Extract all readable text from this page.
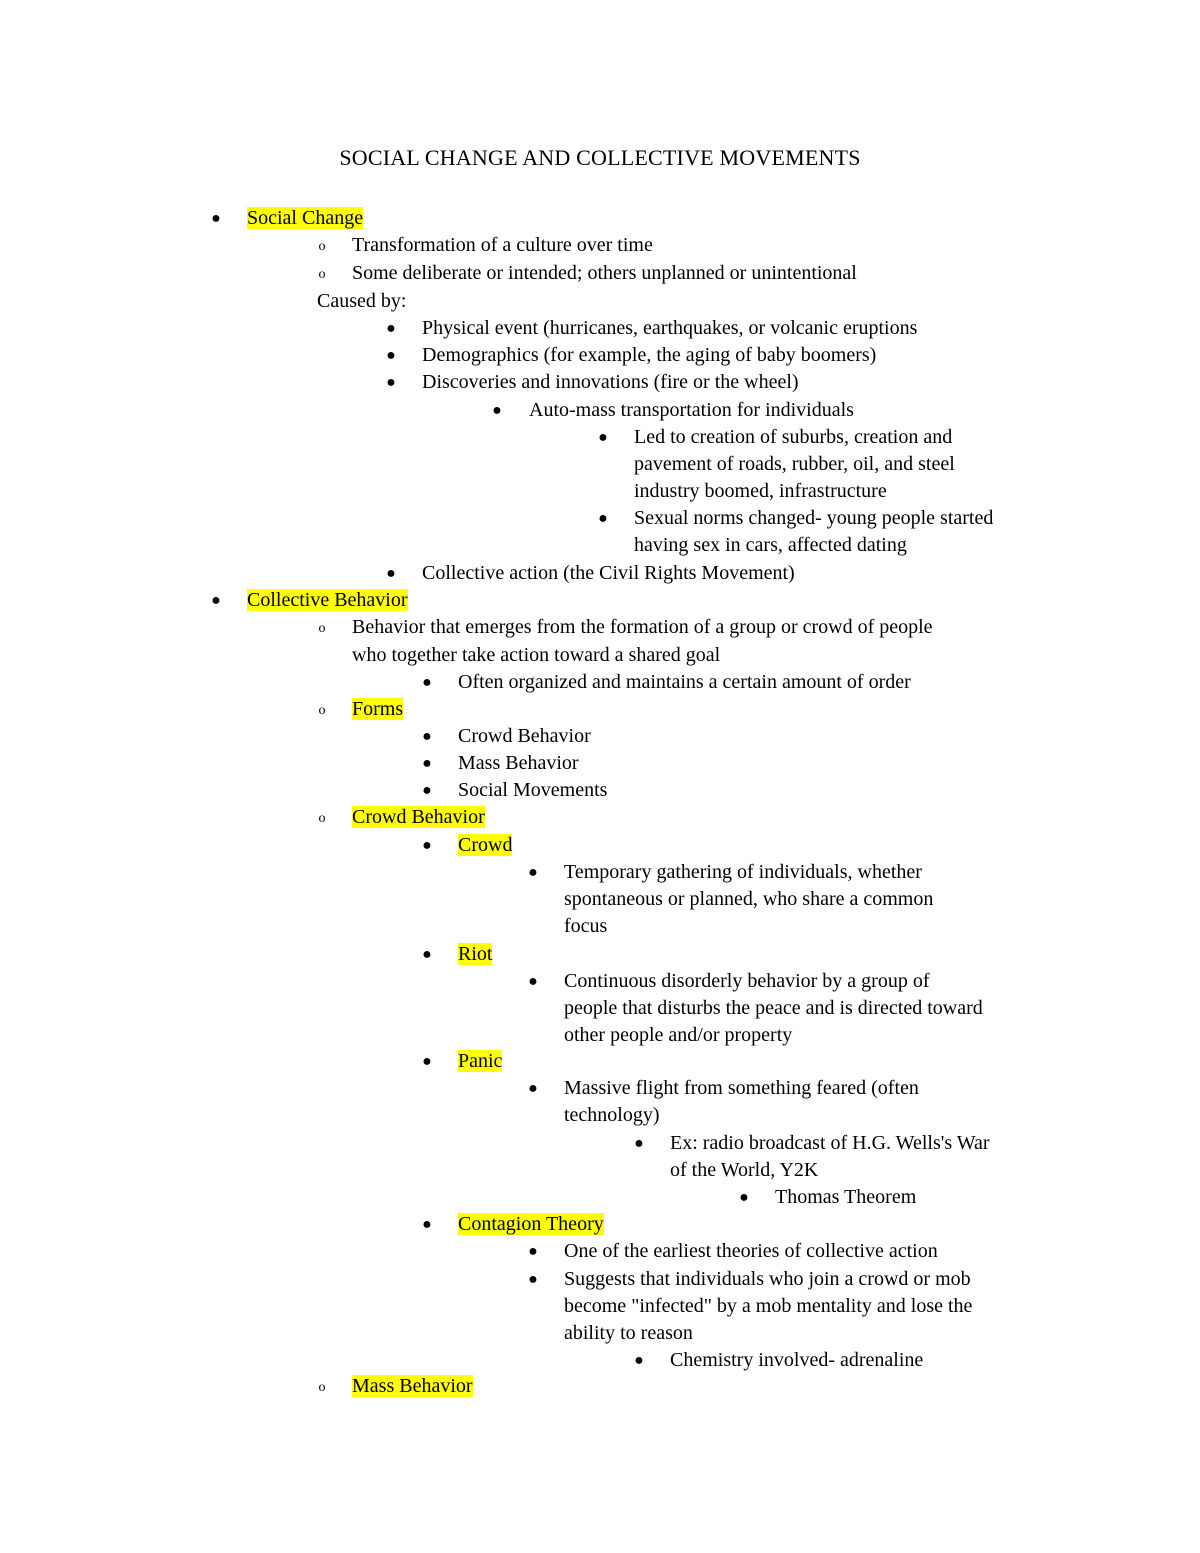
SOCIAL CHANGE AND COLLECTIVE MOVEMENTS
● Social Change
o Transformation of a culture over time
o Some deliberate or intended; others unplanned or unintentional
Caused by:
● Physical event (hurricanes, earthquakes, or volcanic eruptions
● Demographics (for example, the aging of baby boomers)
● Discoveries and innovations (fire or the wheel)
● Auto-mass transportation for individuals
● Led to creation of suburbs, creation and
pavement of roads, rubber, oil, and steel
industry boomed, infrastructure
● Sexual norms changed- young people started
having sex in cars, affected dating
● Collective action (the Civil Rights Movement)
● Collective Behavior
o Behavior that emerges from the formation of a group or crowd of people
who together take action toward a shared goal
● Often organized and maintains a certain amount of order
o Forms
● Crowd Behavior
● Mass Behavior
● Social Movements
o Crowd Behavior
● Crowd
● Temporary gathering of individuals, whether
spontaneous or planned, who share a common
focus
● Riot
● Continuous disorderly behavior by a group of
people that disturbs the peace and is directed toward
other people and/or property
● Panic
● Massive flight from something feared (often
technology)
● Ex: radio broadcast of H.G. Wells's War
of the World, Y2K
● Thomas Theorem
● Contagion Theory
● One of the earliest theories of collective action
● Suggests that individuals who join a crowd or mob
become "infected" by a mob mentality and lose the
ability to reason
● Chemistry involved- adrenaline
o Mass Behavior
